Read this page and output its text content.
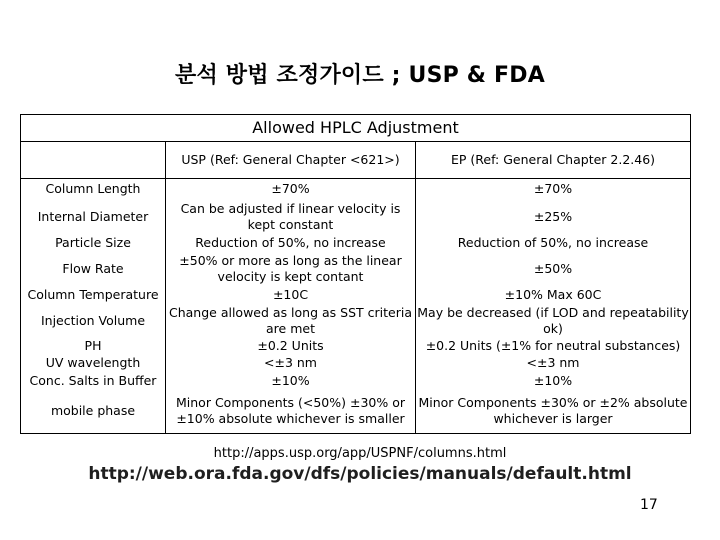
분석 방법 조정가이드 ; USP & FDA
Allowed HPLC Adjustment		
	USP (Ref: General Chapter <621>)	EP (Ref: General Chapter 2.2.46)
Column Length	±70%	±70%
Internal Diameter	Can be adjusted if linear velocity is kept constant	±25%
Particle Size	Reduction of 50%, no increase	Reduction of 50%, no increase
Flow Rate	±50% or more as long as the linear velocity is kept contant	±50%
Column Temperature	±10C	±10% Max 60C
Injection Volume	Change allowed as long as SST criteria are met	May be decreased (if LOD and repeatability ok)
PH	±0.2 Units	±0.2 Units (±1% for neutral substances)
UV wavelength	<±3 nm	<±3 nm
Conc. Salts in Buffer	±10%	±10%
mobile phase	Minor Components (<50%) ±30% or ±10% absolute whichever is smaller	Minor Components ±30% or ±2% absolute whichever is larger
http://apps.usp.org/app/USPNF/columns.html
http://web.ora.fda.gov/dfs/policies/manuals/default.html
17
